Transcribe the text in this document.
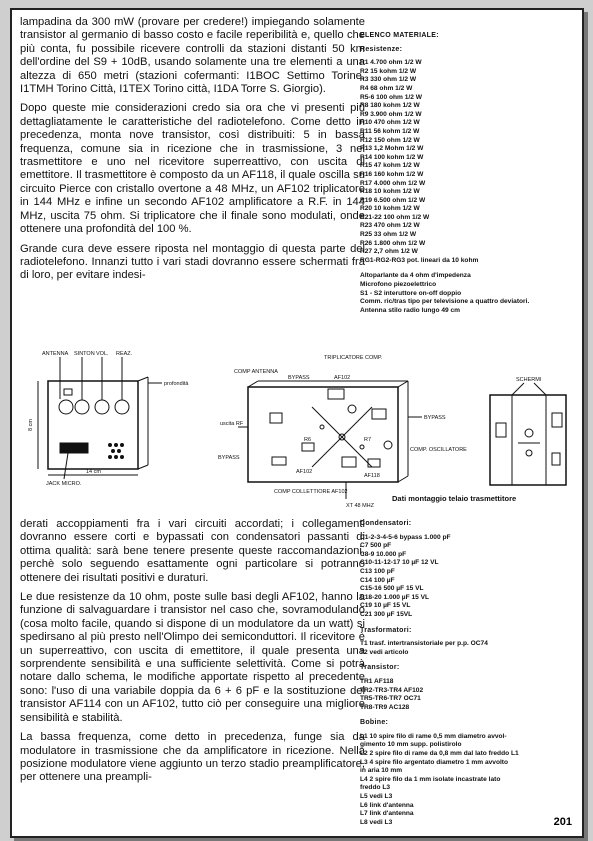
lampadina da 300 mW (provare per credere!) impiegando solamente transistor al germanio di basso costo e facile reperibilità e, quello che più conta, fu possibile ricevere controlli da stazioni distanti 50 km dell'ordine del S9 + 10dB, usando solamente una tre elementi a una altezza di 650 metri (stazioni cofermanti: I1BOC Settimo Torine, I1TMH Torino Città, I1TEX Torino città, I1DA Torre S. Giorgio).

Dopo queste mie considerazioni credo sia ora che vi presenti più dettagliatamente le caratteristiche del radiotelefono. Come detto in precedenza, monta nove transistor, così distribuiti: 5 in bassa frequenza, comune sia in ricezione che in trasmissione, 3 nel trasmettitore e uno nel ricevitore superreattivo, con uscita di emettitore. Il trasmettitore è composto da un AF118, il quale oscilla su circuito Pierce con cristallo overtone a 48 MHz, un AF102 triplicatore in 144 MHz e infine un secondo AF102 amplificatore a R.F. in 144 MHz, uscita 75 ohm. Si triplicatore che il finale sono modulati, onde ottenere una profondità del 100 %.

Grande cura deve essere riposta nel montaggio di questa parte del radiotelefono. Innanzi tutto i vari stadi dovranno essere schermati fra di loro, per evitare indesi-

ELENCO MATERIALE:
Resistenze:
R1 4.700 ohm 1/2 W
R2 15 kohm 1/2 W
R3 330 ohm 1/2 W
R4 68 ohm 1/2 W
R5-6 100 ohm 1/2 W
R8 180 kohm 1/2 W
R9 3.900 ohm 1/2 W
R10 470 ohm 1/2 W
R11 56 kohm 1/2 W
R12 150 ohm 1/2 W
R13 1,2 Mohm 1/2 W
R14 100 kohm 1/2 W
R15 47 kohm 1/2 W
R16 160 kohm 1/2 W
R17 4.000 ohm 1/2 W
R18 10 kohm 1/2 W
R19 6.500 ohm 1/2 W
R20 10 kohm 1/2 W
R21-22 100 ohm 1/2 W
R23 470 ohm 1/2 W
R25 33 ohm 1/2 W
R26 1.800 ohm 1/2 W
R27 2,7 ohm 1/2 W
RG1-RG2-RG3 pot. lineari da 10 kohm
Altoparlante da 4 ohm d'impedenza
Microfono piezoelettrico
S1 - S2 interuttore on-off doppio
Comm. ric/tras tipo per televisione a quattro deviatori.
Antenna stilo radio lungo 49 cm
ANTENNA SINTON VOL. REAZ.
profondità
14 cm
8 cm
JACK MICRO.
TRIPLICATORE COMP.
COMP ANTENNA
BYPASS	AF102
BYPASS
uscita RF
R6	R7
COMP. OSCILLATORE
BYPASS
AF102
AF118
COMP COLLETTIORE AF102
XT 48 MHZ
SCHERMI
Dati montaggio telaio trasmettitore

derati accoppiamenti fra i vari circuiti accordati; i collegamenti dovranno essere corti e bypassati con condensatori passanti di ottima qualità: sarà bene tenere presente queste raccomandazioni, perchè solo seguendo esattamente ogni particolare si potranno ottenere dei risultati positivi e duraturi.

Le due resistenze da 10 ohm, poste sulle basi degli AF102, hanno la funzione di salvaguardare i transistor nel caso che, sovramodulando (cosa molto facile, quando si dispone di un modulatore da un watt) si spedirsano al più presto nell'Olimpo dei semiconduttori. Il ricevitore è un superreattivo, con uscita di emettitore, il quale presenta una sorprendente sensibilità e una sufficiente selettività. Come si potrà notare dallo schema, le modifiche apportate rispetto al precedente sono: l'uso di una variabile doppia da 6 + 6 pF e la sostituzione del transistor AF114 con un AF102, tutto ciò per conseguire una migliore sensibilità e stabilità.

La bassa frequenza, come detto in precedenza, funge sia da modulatore in trasmissione che da amplificatore in ricezione. Nella posizione modulatore viene aggiunto un terzo stadio preamplificatore, per ottenere una preampli-

Condensatori:
C1-2-3-4-5-6 bypass 1.000 pF
C7 500 pF
C8-9 10.000 pF
C10-11-12-17 10 µF 12 VL
C13 100 pF
C14 100 µF
C15-16 500 µF 15 VL
C18-20 1.000 µF 15 VL
C19 10 µF 15 VL
C21 300 µF 15VL
Trasformatori:
T1 trasf. intertransistoriale per p.p. OC74
T2 vedi articolo
Transistor:
TR1 AF118
TR2-TR3-TR4 AF102
TR5-TR6-TR7 OC71
TR8-TR9 AC128
Bobine:
L1 10 spire filo di rame 0,5 mm diametro avvol-
gimento 10 mm supp. polistirolo
L2 2 spire filo di rame da 0,8 mm dal lato freddo L1
L3 4 spire filo argentato diametro 1 mm avvolto
in aria 10 mm
L4 2 spire filo da 1 mm isolate incastrate lato
freddo L3
L5 vedi L3
L6 link d'antenna
L7 link d'antenna
L8 vedi L3	201
